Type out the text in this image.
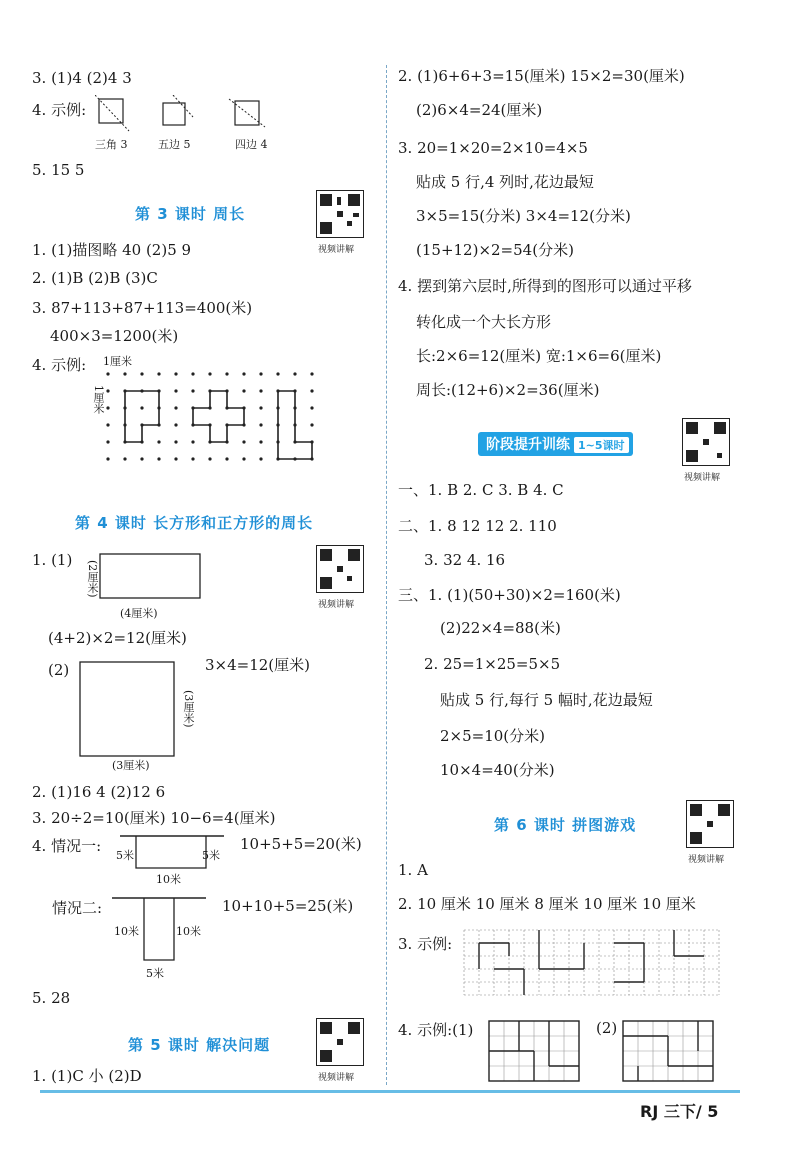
3. (1)4 (2)4 3
4. 示例:
三角 3	五边 5	四边 4
5. 15 5
第 3 课时 周长
视频讲解
1. (1)描图略 40 (2)5 9
2. (1)B (2)B (3)C
3. 87+113+87+113=400(米)
400×3=1200(米)
4. 示例: 1厘米
1厘米
第 4 课时 长方形和正方形的周长
1. (1)
视频讲解
(2厘米)
(4厘米)
(4+2)×2=12(厘米)
(2)
(3厘米)
(3厘米)
3×4=12(厘米)
2. (1)16 4 (2)12 6
3. 20÷2=10(厘米) 10−6=4(厘米)
4. 情况一:
5米	5米
10米
10+5+5=20(米)
情况二:
10米	10米
5米
10+10+5=25(米)
5. 28
第 5 课时 解决问题
视频讲解
1. (1)C 小 (2)D
2. (1)6+6+3=15(厘米) 15×2=30(厘米)
(2)6×4=24(厘米)
3. 20=1×20=2×10=4×5
贴成 5 行,4 列时,花边最短
3×5=15(分米) 3×4=12(分米)
(15+12)×2=54(分米)
4. 摆到第六层时,所得到的图形可以通过平移
转化成一个大长方形
长:2×6=12(厘米) 宽:1×6=6(厘米)
周长:(12+6)×2=36(厘米)
阶段提升训练 1~5课时
视频讲解
一、1. B 2. C 3. B 4. C
二、1. 8 12 12 2. 110
3. 32 4. 16
三、1. (1)(50+30)×2=160(米)
(2)22×4=88(米)
2. 25=1×25=5×5
贴成 5 行,每行 5 幅时,花边最短
2×5=10(分米)
10×4=40(分米)
第 6 课时 拼图游戏
视频讲解
1. A
2. 10 厘米 10 厘米 8 厘米 10 厘米 10 厘米
3. 示例:
4. 示例:(1)	(2)
RJ 三下/ 5
